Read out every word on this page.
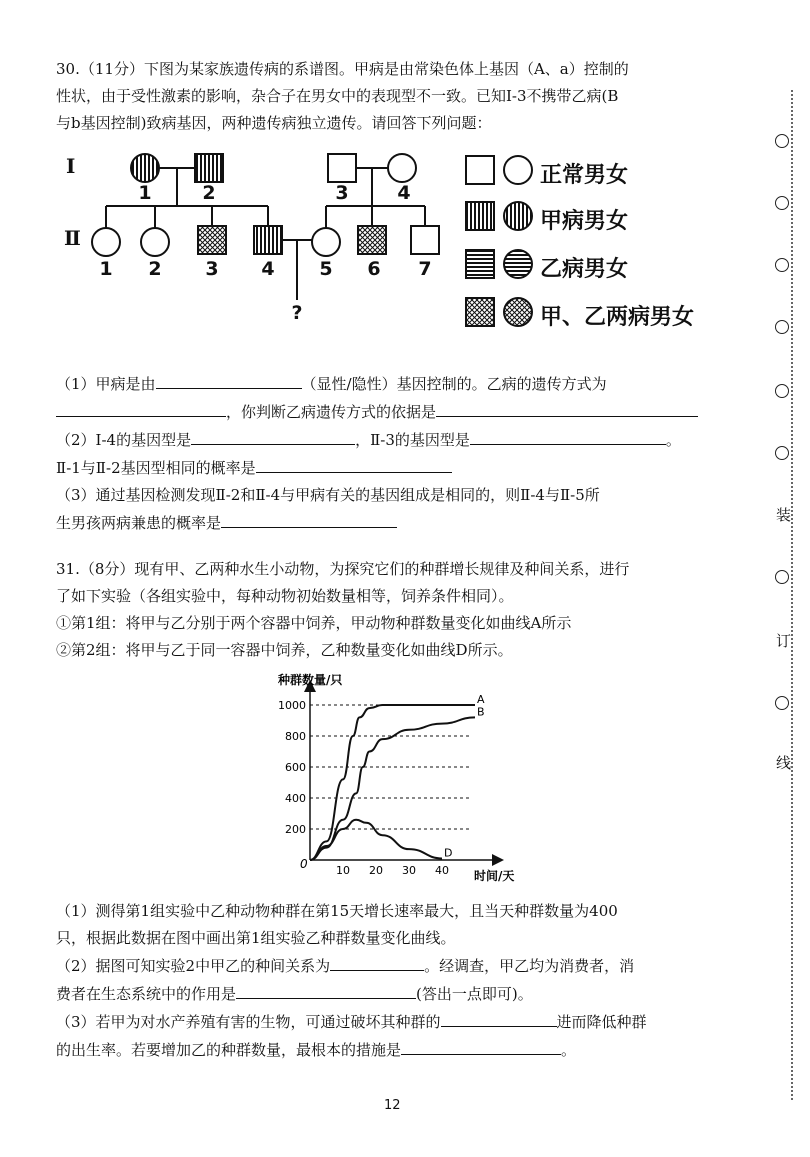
30.（11分）下图为某家族遗传病的系谱图。甲病是由常染色体上基因（A、a）控制的
性状，由于受性激素的影响，杂合子在男女中的表现型不一致。已知Ⅰ-3不携带乙病(B
与b基因控制)致病基因，两种遗传病独立遗传。请回答下列问题：
Ⅰ
Ⅱ
1	2	3	4
1 2 3 4 5 6 7
?
正常男女
甲病男女
乙病男女
甲、乙两病男女
（1）甲病是由	（显性/隐性）基因控制的。乙病的遗传方式为
，你判断乙病遗传方式的依据是
（2）Ⅰ-4的基因型是	，Ⅱ-3的基因型是	。
Ⅱ-1与Ⅱ-2基因型相同的概率是
（3）通过基因检测发现Ⅱ-2和Ⅱ-4与甲病有关的基因组成是相同的，则Ⅱ-4与Ⅱ-5所
生男孩两病兼患的概率是
31.（8分）现有甲、乙两种水生小动物，为探究它们的种群增长规律及种间关系，进行
了如下实验（各组实验中，每种动物初始数量相等，饲养条件相同）。
①第1组：将甲与乙分别于两个容器中饲养，甲动物种群数量变化如曲线A所示
②第2组：将甲与乙于同一容器中饲养，乙种数量变化如曲线D所示。
种群数量/只
时间/天
0
200
400
600
800
1000
10 20 30 40
A
B
D
（1）测得第1组实验中乙种动物种群在第15天增长速率最大，且当天种群数量为400
只，根据此数据在图中画出第1组实验乙种群数量变化曲线。
（2）据图可知实验2中甲乙的种间关系为	。经调查，甲乙均为消费者，消
费者在生态系统中的作用是	(答出一点即可)。
（3）若甲为对水产养殖有害的生物，可通过破坏其种群的	进而降低种群
的出生率。若要增加乙的种群数量，最根本的措施是	。
12
装
订
线
